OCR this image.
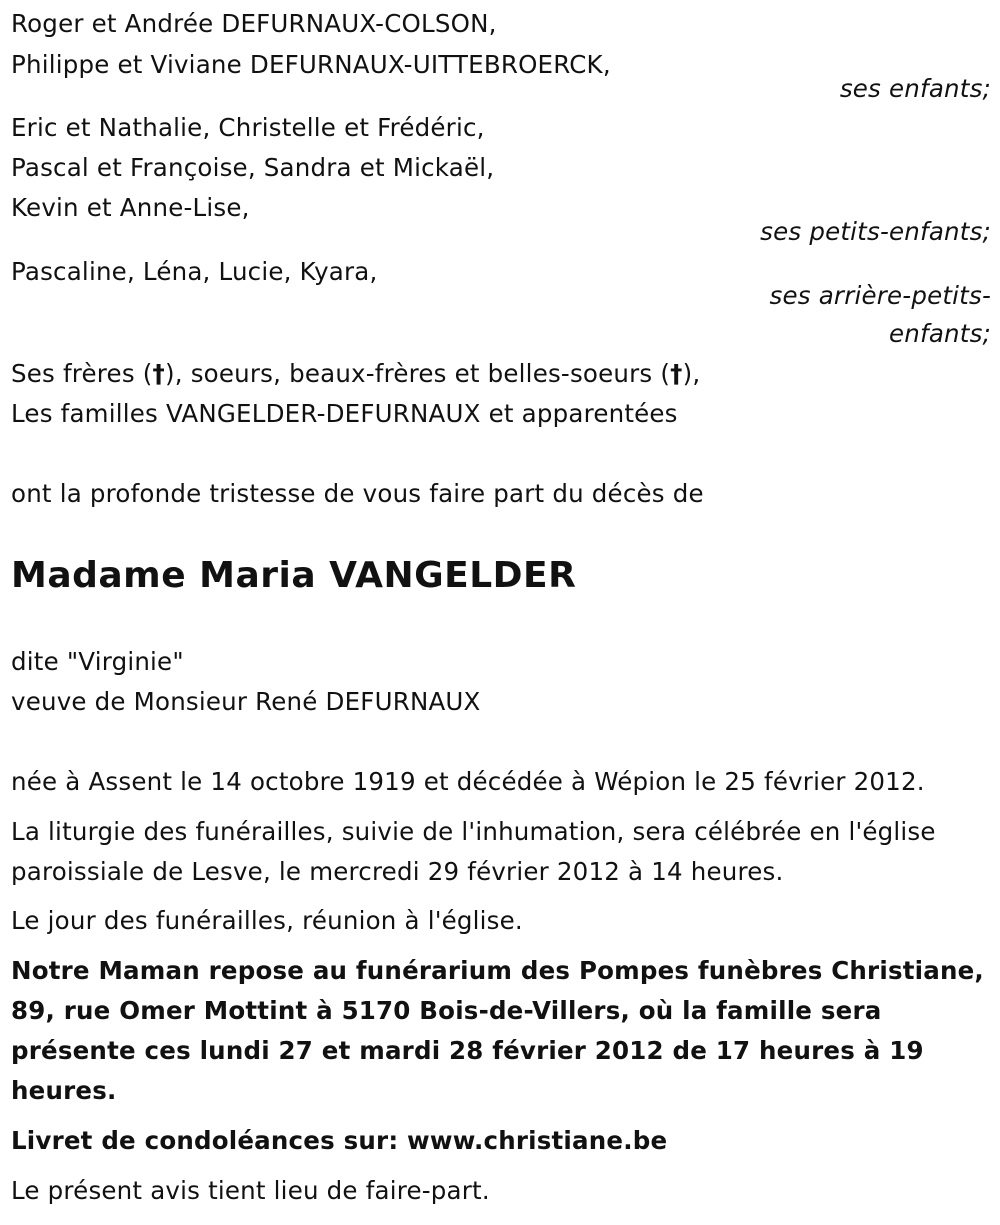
Roger et Andrée DEFURNAUX-COLSON,
Philippe et Viviane DEFURNAUX-UITTEBROERCK,
ses enfants;
Eric et Nathalie, Christelle et Frédéric,
Pascal et Françoise, Sandra et Mickaël,
Kevin et Anne-Lise,
ses petits-enfants;
Pascaline, Léna, Lucie, Kyara,
ses arrière-petits-
enfants;
Ses frères (†), soeurs, beaux-frères et belles-soeurs (†),
Les familles VANGELDER-DEFURNAUX et apparentées
ont la profonde tristesse de vous faire part du décès de
Madame Maria VANGELDER
dite "Virginie"
veuve de Monsieur René DEFURNAUX
née à Assent le 14 octobre 1919 et décédée à Wépion le 25 février 2012.
La liturgie des funérailles, suivie de l'inhumation, sera célébrée en l'église
paroissiale de Lesve, le mercredi 29 février 2012 à 14 heures.
Le jour des funérailles, réunion à l'église.
Notre Maman repose au funérarium des Pompes funèbres Christiane,
89, rue Omer Mottint à 5170 Bois-de-Villers, où la famille sera
présente ces lundi 27 et mardi 28 février 2012 de 17 heures à 19
heures.
Livret de condoléances sur: www.christiane.be
Le présent avis tient lieu de faire-part.
